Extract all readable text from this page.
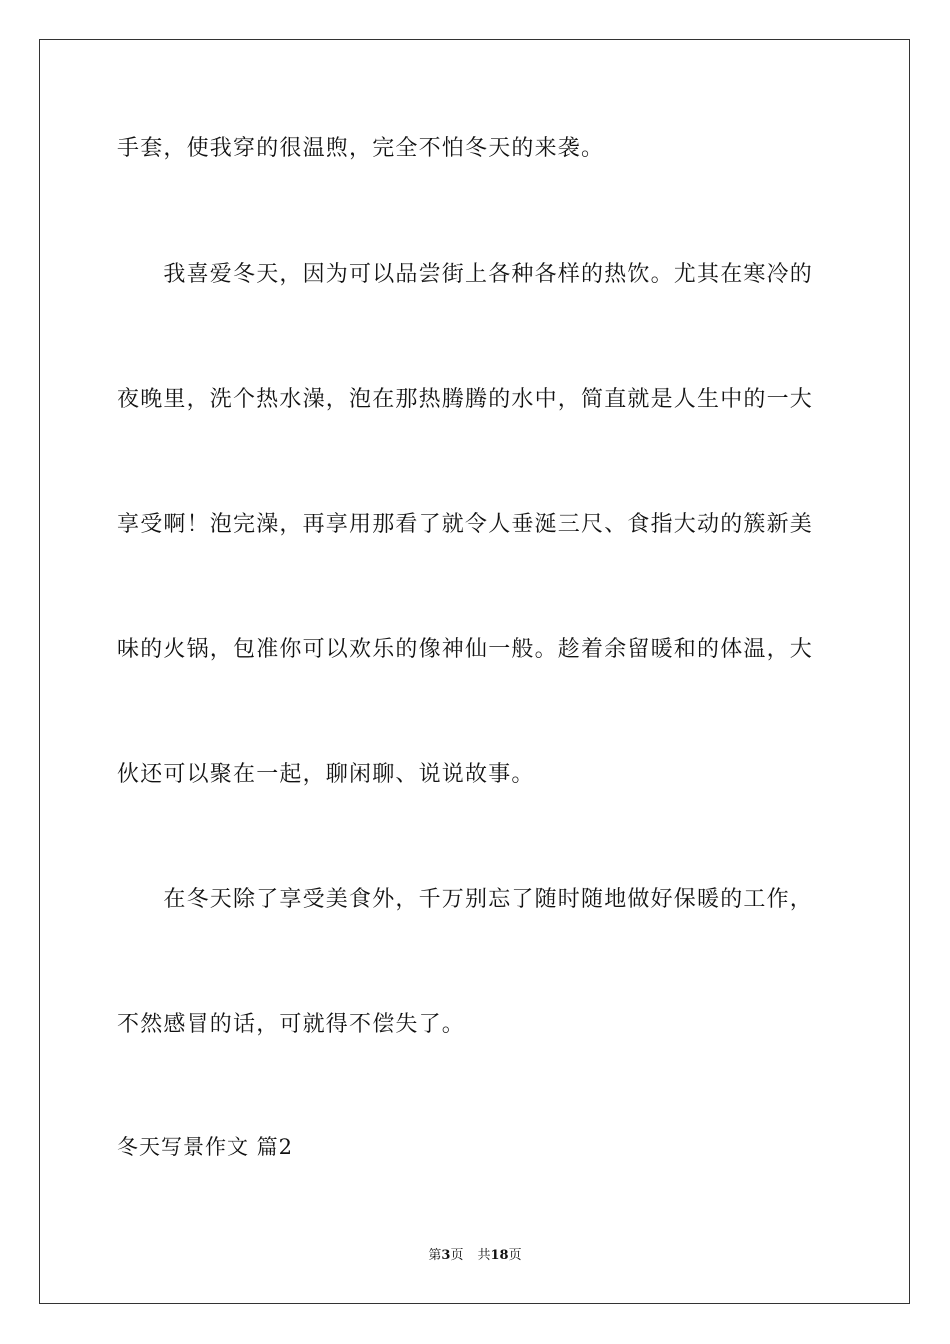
手套，使我穿的很温煦，完全不怕冬天的来袭。
　　我喜爱冬天，因为可以品尝街上各种各样的热饮。尤其在寒冷的
夜晚里，洗个热水澡，泡在那热腾腾的水中，简直就是人生中的一大
享受啊！泡完澡，再享用那看了就令人垂涎三尺、食指大动的簇新美
味的火锅，包准你可以欢乐的像神仙一般。趁着余留暖和的体温，大
伙还可以聚在一起，聊闲聊、说说故事。
　　在冬天除了享受美食外，千万别忘了随时随地做好保暖的工作，
不然感冒的话，可就得不偿失了。
冬天写景作文 篇2
第3页 共18页
